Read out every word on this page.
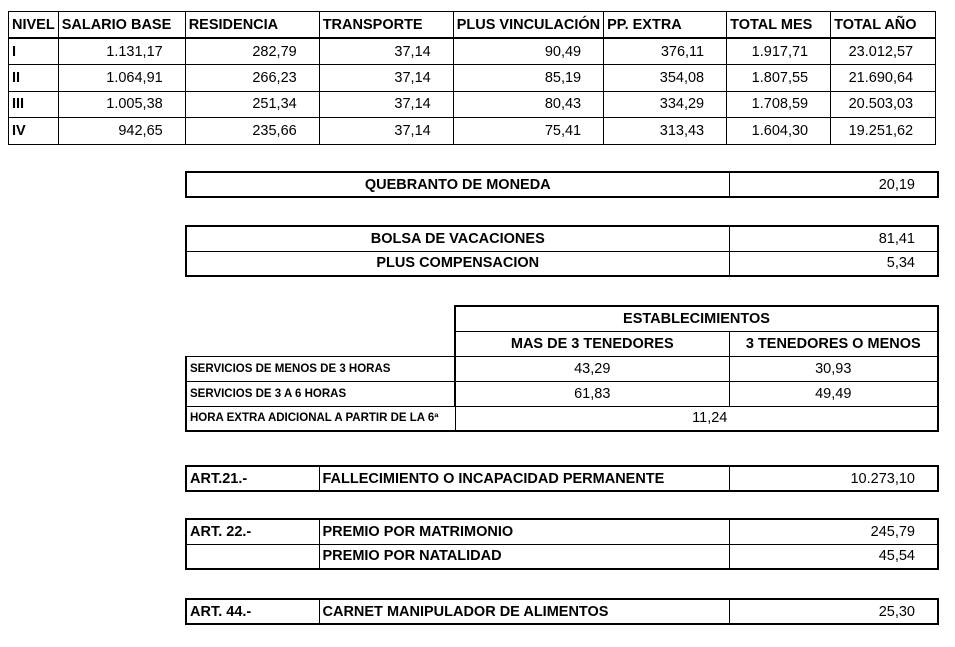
NIVEL	SALARIO BASE	RESIDENCIA	TRANSPORTE	PLUS VINCULACIÓN	PP. EXTRA	TOTAL MES	TOTAL AÑO
I	1.131,17	282,79	37,14	90,49	376,11	1.917,71	23.012,57
II	1.064,91	266,23	37,14	85,19	354,08	1.807,55	21.690,64
III	1.005,38	251,34	37,14	80,43	334,29	1.708,59	20.503,03
IV	942,65	235,66	37,14	75,41	313,43	1.604,30	19.251,62
QUEBRANTO DE MONEDA	20,19
BOLSA DE VACACIONES	81,41
PLUS COMPENSACION	5,34
	ESTABLECIMIENTOS	
	MAS DE 3 TENEDORES	3 TENEDORES O MENOS
SERVICIOS DE MENOS DE 3 HORAS	43,29	30,93
SERVICIOS DE 3 A 6 HORAS	61,83	49,49
HORA EXTRA ADICIONAL A PARTIR DE LA 6ª	11,24	
ART.21.-	FALLECIMIENTO O INCAPACIDAD PERMANENTE	10.273,10
ART. 22.-	PREMIO POR MATRIMONIO	245,79
	PREMIO POR NATALIDAD	45,54
ART. 44.-	CARNET MANIPULADOR DE ALIMENTOS	25,30
